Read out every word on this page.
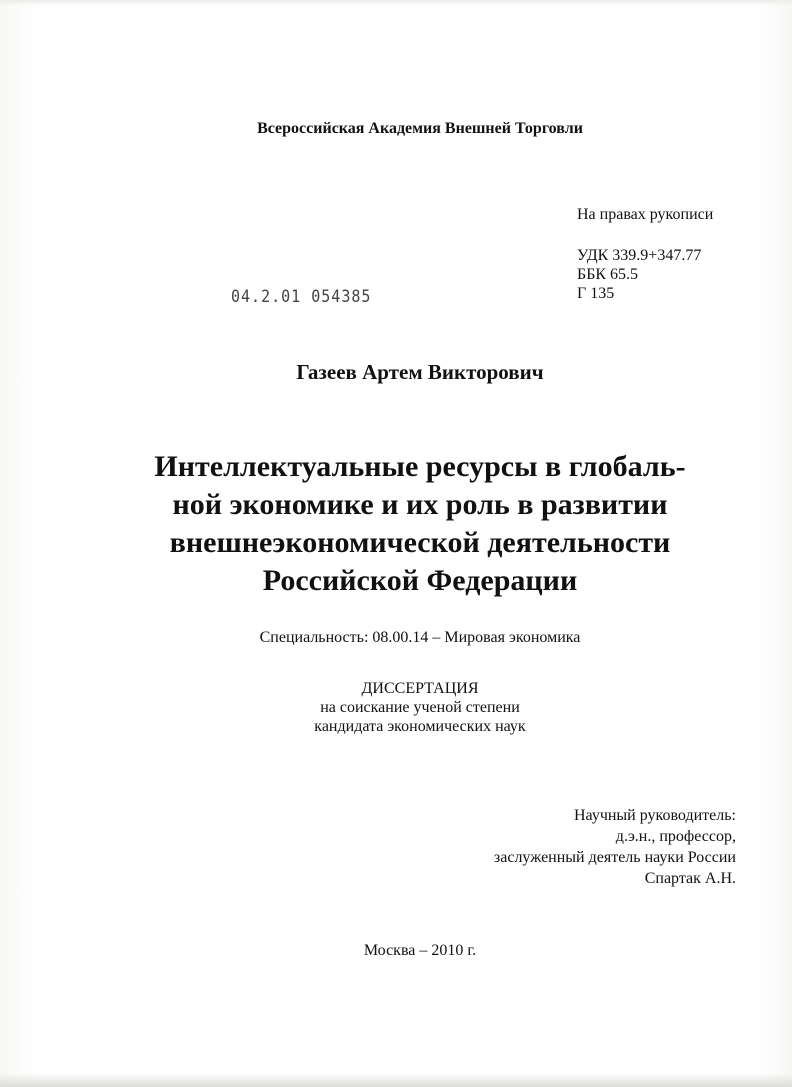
Всероссийская Академия Внешней Торговли
На правах рукописи
УДК 339.9+347.77
ББК 65.5
Г 135
04.2.01 054385
Газеев Артем Викторович
Интеллектуальные ресурсы в глобаль-
ной экономике и их роль в развитии
внешнеэкономической деятельности
Российской Федерации
Специальность: 08.00.14 – Мировая экономика
ДИССЕРТАЦИЯ
на соискание ученой степени
кандидата экономических наук
Научный руководитель:
д.э.н., профессор,
заслуженный деятель науки России
Спартак А.Н.
Москва – 2010 г.
